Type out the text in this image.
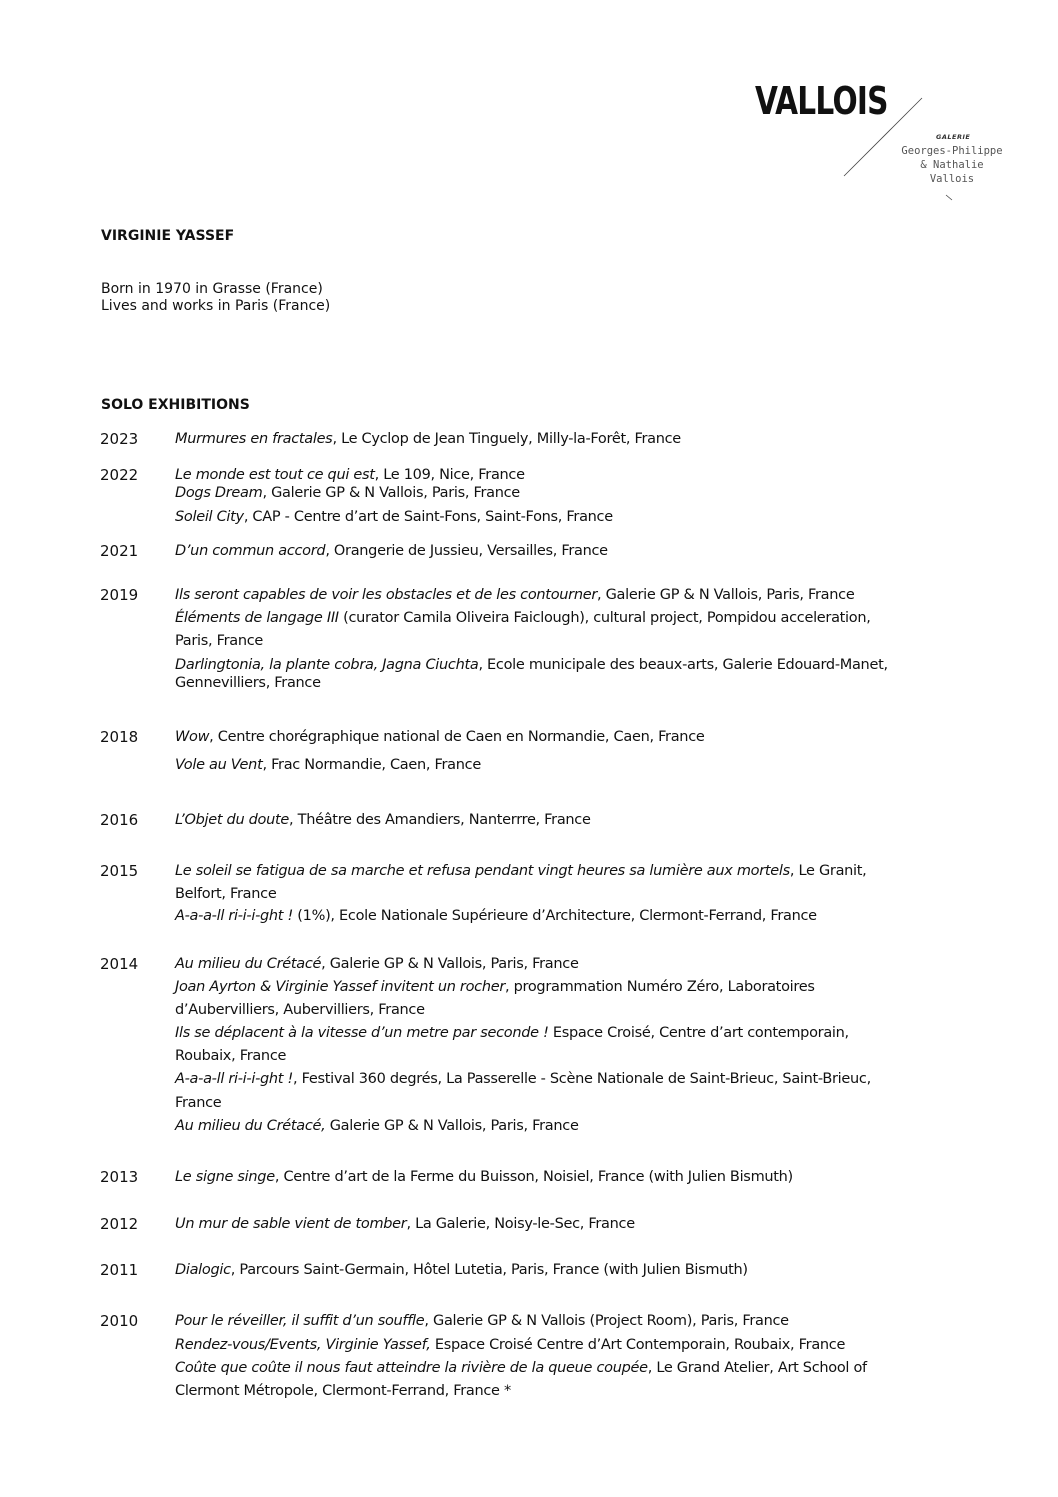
VALLOIS
GALERIE
Georges-Philippe
& Nathalie
Vallois
VIRGINIE YASSEF
Born in 1970 in Grasse (France)
Lives and works in Paris (France)
SOLO EXHIBITIONS
2023
2022
2021
2019
2018
2016
2015
2014
2013
2012
2011
2010
Murmures en fractales, Le Cyclop de Jean Tinguely, Milly-la-Forêt, France
Le monde est tout ce qui est, Le 109, Nice, France
Dogs Dream, Galerie GP & N Vallois, Paris, France
Soleil City, CAP - Centre d’art de Saint-Fons, Saint-Fons, France
D’un commun accord, Orangerie de Jussieu, Versailles, France
Ils seront capables de voir les obstacles et de les contourner, Galerie GP & N Vallois, Paris, France
Éléments de langage III (curator Camila Oliveira Faiclough), cultural project, Pompidou acceleration,
Paris, France
Darlingtonia, la plante cobra, Jagna Ciuchta, Ecole municipale des beaux-arts, Galerie Edouard-Manet,
Gennevilliers, France
Wow, Centre chorégraphique national de Caen en Normandie, Caen, France
Vole au Vent, Frac Normandie, Caen, France
L’Objet du doute, Théâtre des Amandiers, Nanterrre, France
Le soleil se fatigua de sa marche et refusa pendant vingt heures sa lumière aux mortels, Le Granit,
Belfort, France
A-a-a-ll ri-i-i-ght ! (1%), Ecole Nationale Supérieure d’Architecture, Clermont-Ferrand, France
Au milieu du Crétacé, Galerie GP & N Vallois, Paris, France
Joan Ayrton & Virginie Yassef invitent un rocher, programmation Numéro Zéro, Laboratoires
d’Aubervilliers, Aubervilliers, France
Ils se déplacent à la vitesse d’un metre par seconde ! Espace Croisé, Centre d’art contemporain,
Roubaix, France
A-a-a-ll ri-i-i-ght !, Festival 360 degrés, La Passerelle - Scène Nationale de Saint-Brieuc, Saint-Brieuc,
France
Au milieu du Crétacé, Galerie GP & N Vallois, Paris, France
Le signe singe, Centre d’art de la Ferme du Buisson, Noisiel, France (with Julien Bismuth)
Un mur de sable vient de tomber, La Galerie, Noisy-le-Sec, France
Dialogic, Parcours Saint-Germain, Hôtel Lutetia, Paris, France (with Julien Bismuth)
Pour le réveiller, il suffit d’un souffle, Galerie GP & N Vallois (Project Room), Paris, France
Rendez-vous/Events, Virginie Yassef, Espace Croisé Centre d’Art Contemporain, Roubaix, France
Coûte que coûte il nous faut atteindre la rivière de la queue coupée, Le Grand Atelier, Art School of
Clermont Métropole, Clermont-Ferrand, France *
